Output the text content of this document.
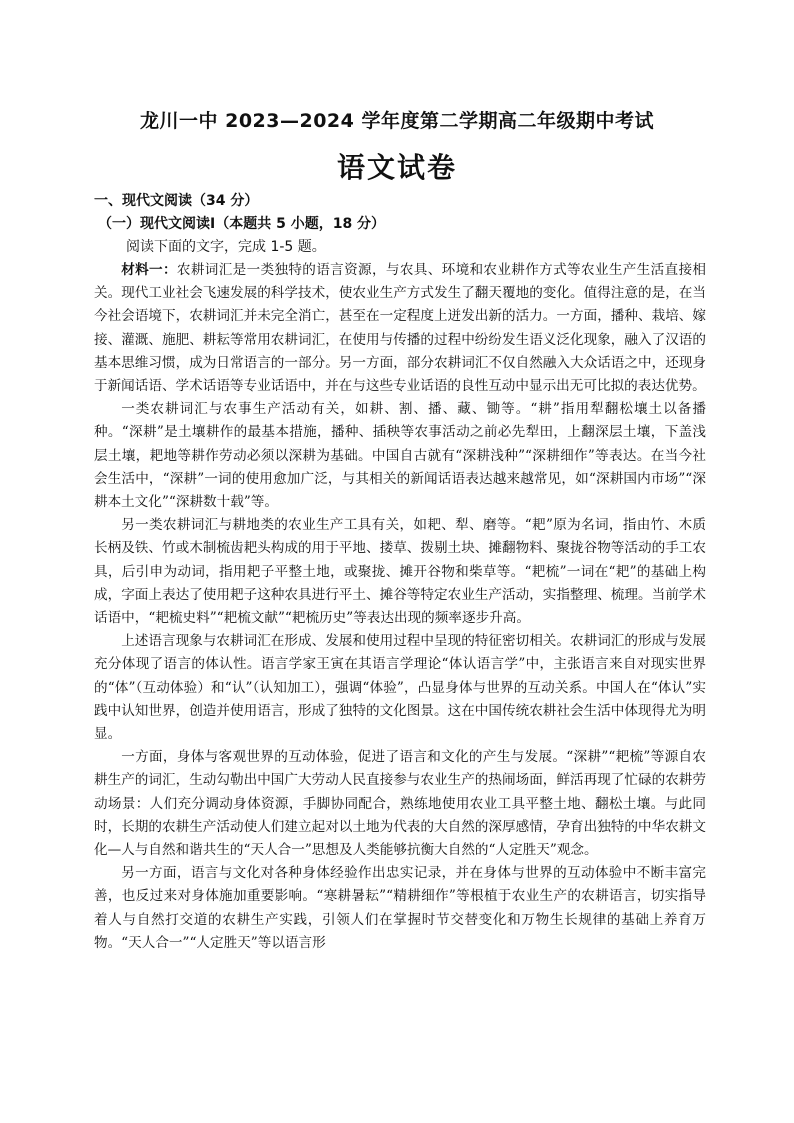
龙川一中 2023—2024 学年度第二学期高二年级期中考试
语文试卷
一、现代文阅读（34 分）
（一）现代文阅读Ⅰ（本题共 5 小题，18 分）
阅读下面的文字，完成 1-5 题。

材料一：农耕词汇是一类独特的语言资源，与农具、环境和农业耕作方式等农业生产生活直接相关。现代工业社会飞速发展的科学技术，使农业生产方式发生了翻天覆地的变化。值得注意的是，在当今社会语境下，农耕词汇并未完全消亡，甚至在一定程度上迸发出新的活力。一方面，播种、栽培、嫁接、灌溉、施肥、耕耘等常用农耕词汇，在使用与传播的过程中纷纷发生语义泛化现象，融入了汉语的基本思维习惯，成为日常语言的一部分。另一方面，部分农耕词汇不仅自然融入大众话语之中，还现身于新闻话语、学术话语等专业话语中，并在与这些专业话语的良性互动中显示出无可比拟的表达优势。

一类农耕词汇与农事生产活动有关，如耕、割、播、藏、锄等。“耕”指用犁翻松壤土以备播种。“深耕”是土壤耕作的最基本措施，播种、插秧等农事活动之前必先犁田，上翻深层土壤，下盖浅层土壤，耙地等耕作劳动必须以深耕为基础。中国自古就有“深耕浅种”“深耕细作”等表达。在当今社会生活中，“深耕”一词的使用愈加广泛，与其相关的新闻话语表达越来越常见，如“深耕国内市场”“深耕本土文化”“深耕数十载”等。

另一类农耕词汇与耕地类的农业生产工具有关，如耙、犁、磨等。“耙”原为名词，指由竹、木质长柄及铁、竹或木制梳齿耙头构成的用于平地、搂草、拨剔土块、摊翻物料、聚拢谷物等活动的手工农具，后引申为动词，指用耙子平整土地，或聚拢、摊开谷物和柴草等。“耙梳”一词在“耙”的基础上构成，字面上表达了使用耙子这种农具进行平土、摊谷等特定农业生产活动，实指整理、梳理。当前学术话语中，“耙梳史料”“耙梳文献”“耙梳历史”等表达出现的频率逐步升高。

上述语言现象与农耕词汇在形成、发展和使用过程中呈现的特征密切相关。农耕词汇的形成与发展充分体现了语言的体认性。语言学家王寅在其语言学理论“体认语言学”中，主张语言来自对现实世界的“体”（互动体验）和“认”（认知加工），强调“体验”，凸显身体与世界的互动关系。中国人在“体认”实践中认知世界，创造并使用语言，形成了独特的文化图景。这在中国传统农耕社会生活中体现得尤为明显。

一方面，身体与客观世界的互动体验，促进了语言和文化的产生与发展。“深耕”“耙梳”等源自农耕生产的词汇，生动勾勒出中国广大劳动人民直接参与农业生产的热闹场面，鲜活再现了忙碌的农耕劳动场景：人们充分调动身体资源，手脚协同配合，熟练地使用农业工具平整土地、翻松土壤。与此同时，长期的农耕生产活动使人们建立起对以土地为代表的大自然的深厚感情，孕育出独特的中华农耕文化—人与自然和谐共生的“天人合一”思想及人类能够抗衡大自然的“人定胜天”观念。

另一方面，语言与文化对各种身体经验作出忠实记录，并在身体与世界的互动体验中不断丰富完善，也反过来对身体施加重要影响。“寒耕暑耘”“精耕细作”等根植于农业生产的农耕语言，切实指导着人与自然打交道的农耕生产实践，引领人们在掌握时节交替变化和万物生长规律的基础上养育万物。“天人合一”“人定胜天”等以语言形
